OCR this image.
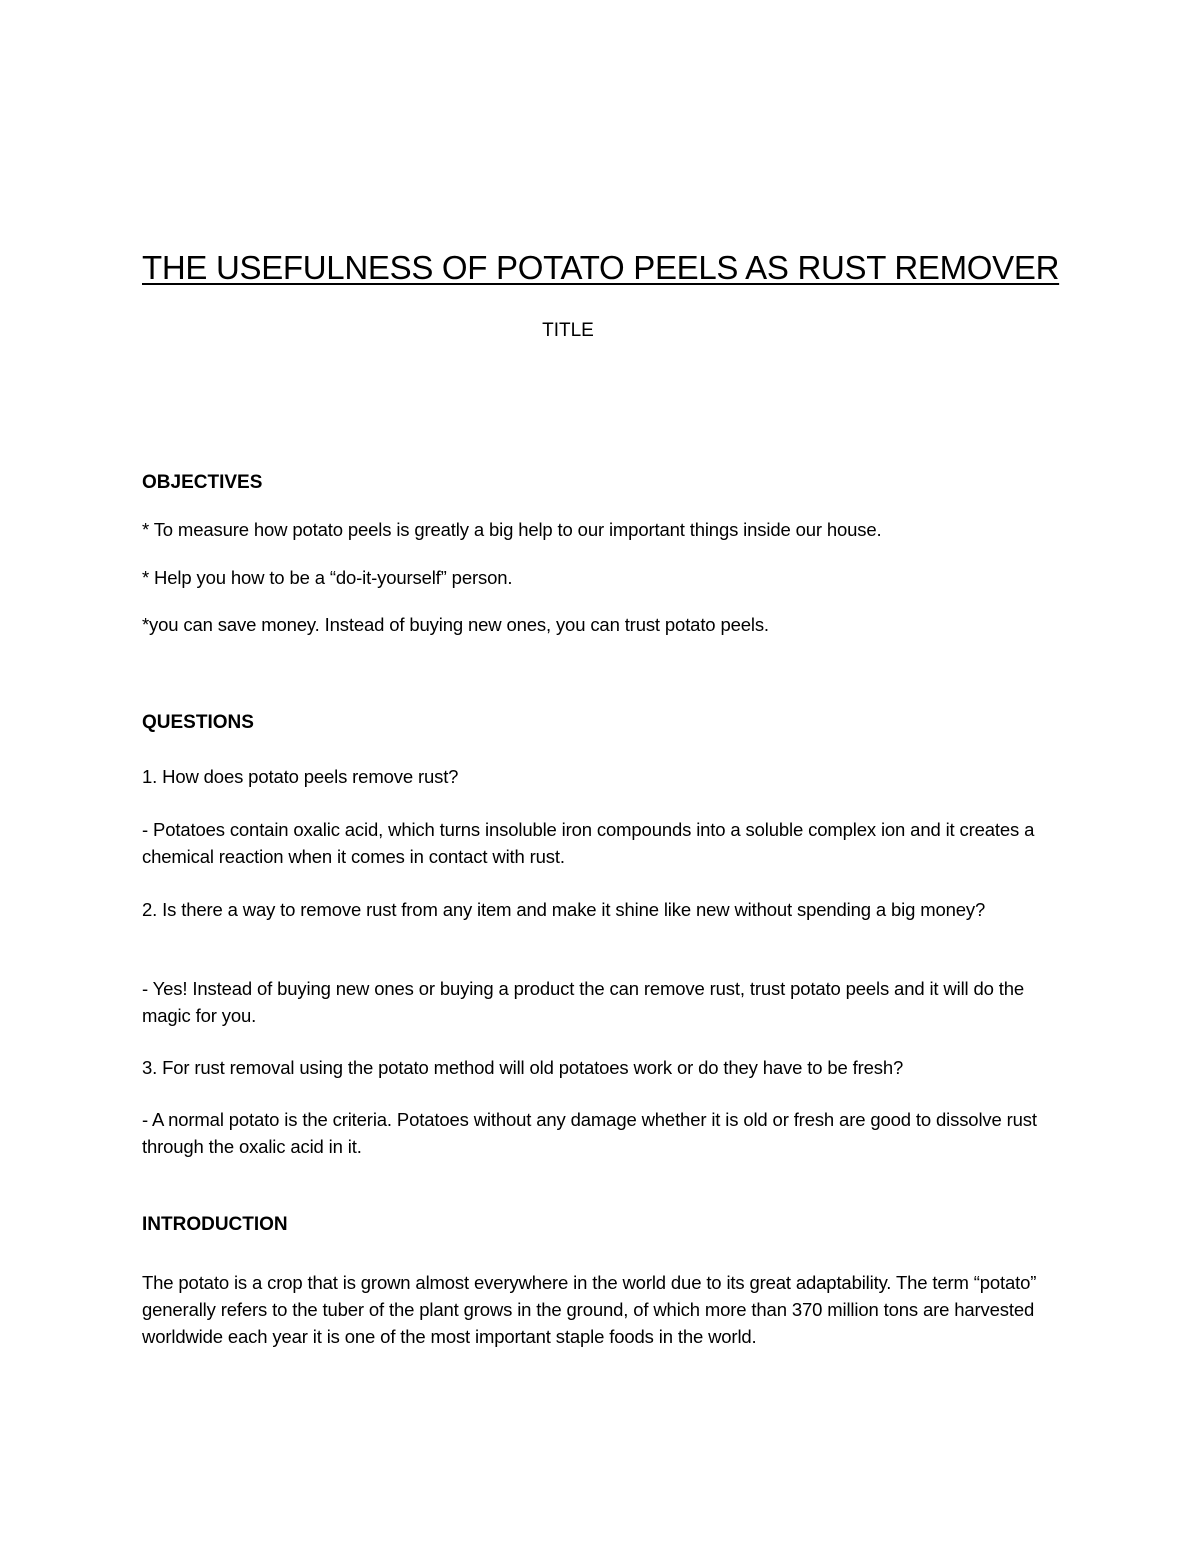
THE USEFULNESS OF POTATO PEELS AS RUST REMOVER
TITLE
OBJECTIVES
* To measure how potato peels is greatly a big help to our important things inside our house.
* Help you how to be a “do-it-yourself” person.
*you can save money. Instead of buying new ones, you can trust potato peels.
QUESTIONS
1. How does potato peels remove rust?
- Potatoes contain oxalic acid, which turns insoluble iron compounds into a soluble complex ion and it creates a chemical reaction when it comes in contact with rust.
2. Is there a way to remove rust from any item and make it shine like new without spending a big money?
- Yes! Instead of buying new ones or buying a product the can remove rust, trust potato peels and it will do the magic for you.
3. For rust removal using the potato method will old potatoes work or do they have to be fresh?
- A normal potato is the criteria. Potatoes without any damage whether it is old or fresh are good to dissolve rust through the oxalic acid in it.
INTRODUCTION
The potato is a crop that is grown almost everywhere in the world due to its great adaptability. The term “potato” generally refers to the tuber of the plant grows in the ground, of which more than 370 million tons are harvested worldwide each year it is one of the most important staple foods in the world.
